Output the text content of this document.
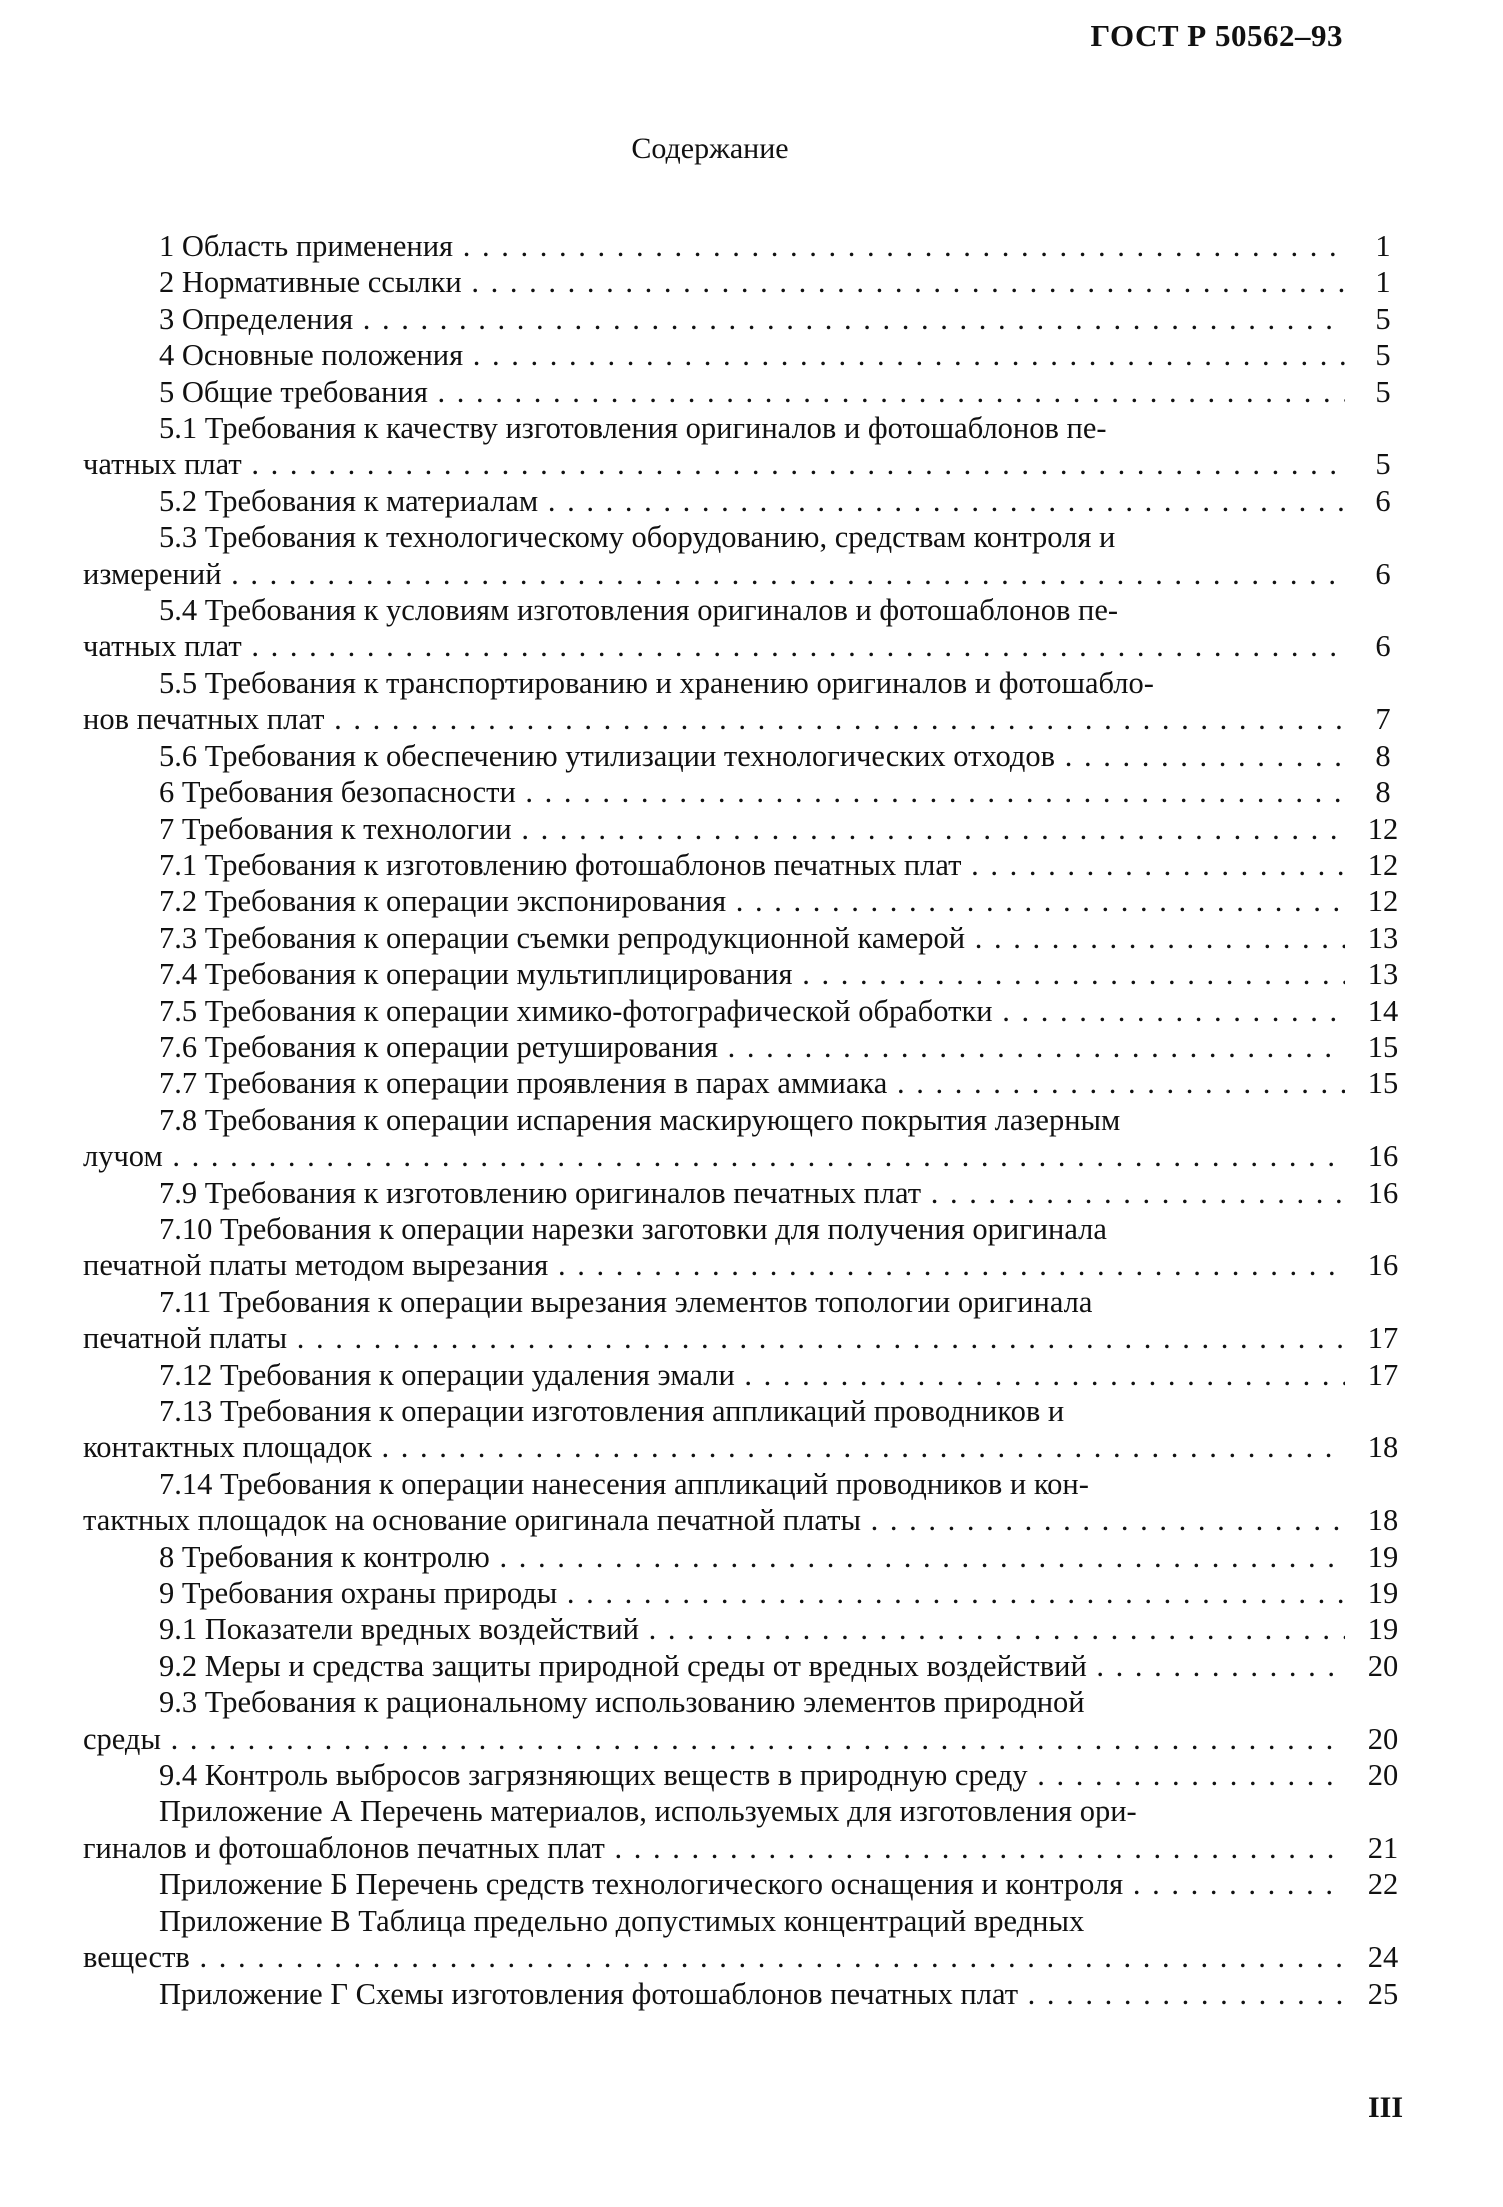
ГОСТ Р 50562–93
Содержание
1 Область применения . . .	1
2 Нормативные ссылки . . .	1
3 Определения . . .	5
4 Основные положения . . .	5
5 Общие требования . . .	5
5.1 Требования к качеству изготовления оригиналов и фотошаблонов пе-
чатных плат . . .	5
5.2 Требования к материалам . . .	6
5.3 Требования к технологическому оборудованию, средствам контроля и
измерений . . .	6
5.4 Требования к условиям изготовления оригиналов и фотошаблонов пе-
чатных плат . . .	6
5.5 Требования к транспортированию и хранению оригиналов и фотошабло-
нов печатных плат . . .	7
5.6 Требования к обеспечению утилизации технологических отходов . . .	8
6 Требования безопасности . . .	8
7 Требования к технологии . . .	12
7.1 Требования к изготовлению фотошаблонов печатных плат . . .	12
7.2 Требования к операции экспонирования . . .	12
7.3 Требования к операции съемки репродукционной камерой . . .	13
7.4 Требования к операции мультиплицирования . . .	13
7.5 Требования к операции химико-фотографической обработки . . .	14
7.6 Требования к операции ретуширования . . .	15
7.7 Требования к операции проявления в парах аммиака . . .	15
7.8 Требования к операции испарения маскирующего покрытия лазерным
лучом . . .	16
7.9 Требования к изготовлению оригиналов печатных плат . . .	16
7.10 Требования к операции нарезки заготовки для получения оригинала
печатной платы методом вырезания . . .	16
7.11 Требования к операции вырезания элементов топологии оригинала
печатной платы . . .	17
7.12 Требования к операции удаления эмали . . .	17
7.13 Требования к операции изготовления аппликаций проводников и
контактных площадок . . .	18
7.14 Требования к операции нанесения аппликаций проводников и кон-
тактных площадок на основание оригинала печатной платы . . .	18
8 Требования к контролю . . .	19
9 Требования охраны природы . . .	19
9.1 Показатели вредных воздействий . . .	19
9.2 Меры и средства защиты природной среды от вредных воздействий . . .	20
9.3 Требования к рациональному использованию элементов природной
среды . . .	20
9.4 Контроль выбросов загрязняющих веществ в природную среду . . .	20
Приложение А Перечень материалов, используемых для изготовления ори-
гиналов и фотошаблонов печатных плат . . .	21
Приложение Б Перечень средств технологического оснащения и контроля . . .	22
Приложение В Таблица предельно допустимых концентраций вредных
веществ . . .	24
Приложение Г Схемы изготовления фотошаблонов печатных плат . . .	25
III
